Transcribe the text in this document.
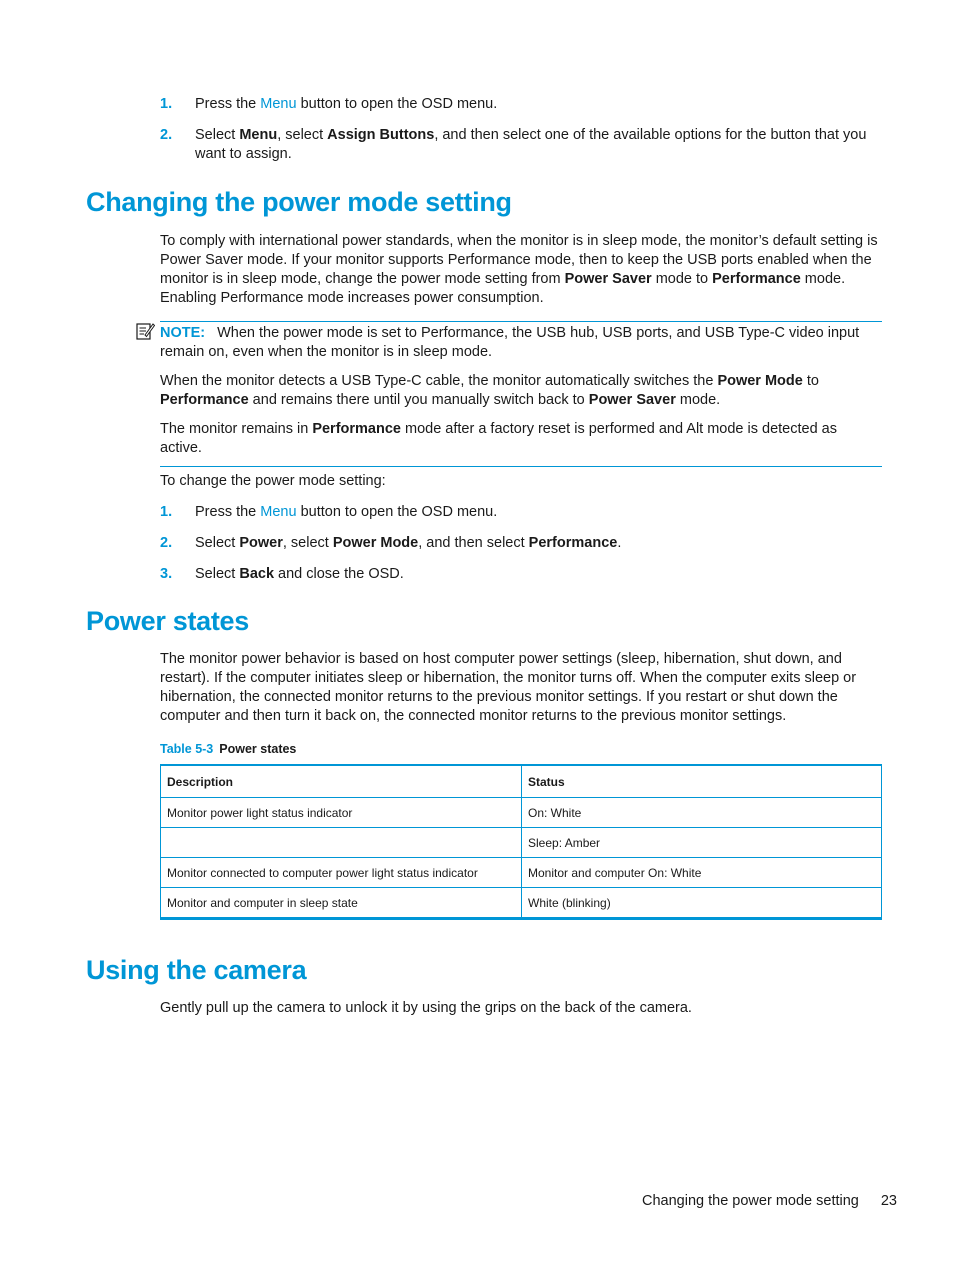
1. Press the Menu button to open the OSD menu.
2. Select Menu, select Assign Buttons, and then select one of the available options for the button that you want to assign.
Changing the power mode setting

To comply with international power standards, when the monitor is in sleep mode, the monitor’s default setting is Power Saver mode. If your monitor supports Performance mode, then to keep the USB ports enabled when the monitor is in sleep mode, change the power mode setting from Power Saver mode to Performance mode. Enabling Performance mode increases power consumption.

NOTE: When the power mode is set to Performance, the USB hub, USB ports, and USB Type-C video input remain on, even when the monitor is in sleep mode.

When the monitor detects a USB Type-C cable, the monitor automatically switches the Power Mode to Performance and remains there until you manually switch back to Power Saver mode.

The monitor remains in Performance mode after a factory reset is performed and Alt mode is detected as active.

To change the power mode setting:

1. Press the Menu button to open the OSD menu.
2. Select Power, select Power Mode, and then select Performance.
3. Select Back and close the OSD.
Power states

The monitor power behavior is based on host computer power settings (sleep, hibernation, shut down, and restart). If the computer initiates sleep or hibernation, the monitor turns off. When the computer exits sleep or hibernation, the connected monitor returns to the previous monitor settings. If you restart or shut down the computer and then turn it back on, the connected monitor returns to the previous monitor settings.

Table 5-3 Power states
Description	Status
Monitor power light status indicator	On: White
	Sleep: Amber
Monitor connected to computer power light status indicator	Monitor and computer On: White
Monitor and computer in sleep state	White (blinking)
Using the camera

Gently pull up the camera to unlock it by using the grips on the back of the camera.

Changing the power mode setting 23
